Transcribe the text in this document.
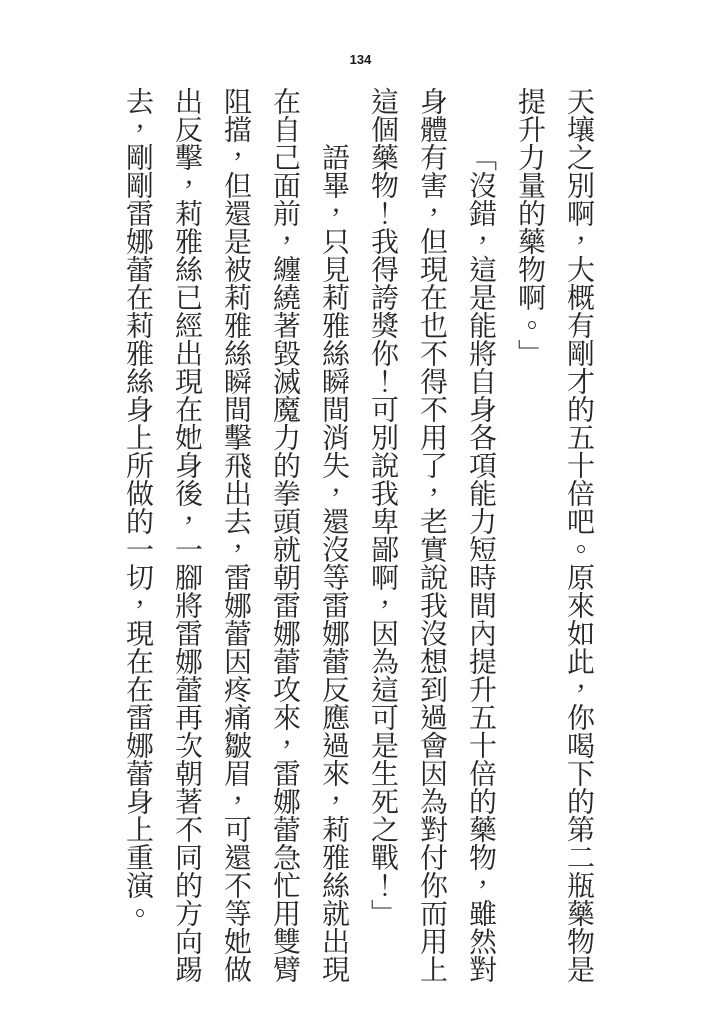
134

天壤之別啊，大概有剛才的五十倍吧。原來如此，你喝下的第二瓶藥物是提升力量的藥物啊。」

「沒錯，這是能將自身各項能力短時間內提升五十倍的藥物，雖然對身體有害，但現在也不得不用了，老實說我沒想到過會因為對付你而用上這個藥物！我得誇獎你！可別說我卑鄙啊，因為這可是生死之戰！」

語畢，只見莉雅絲瞬間消失，還沒等雷娜蕾反應過來，莉雅絲就出現在自己面前，纏繞著毀滅魔力的拳頭就朝雷娜蕾攻來，雷娜蕾急忙用雙臂阻擋，但還是被莉雅絲瞬間擊飛出去，雷娜蕾因疼痛皺眉，可還不等她做出反擊，莉雅絲已經出現在她身後，一腳將雷娜蕾再次朝著不同的方向踢去，剛剛雷娜蕾在莉雅絲身上所做的一切，現在在雷娜蕾身上重演。
